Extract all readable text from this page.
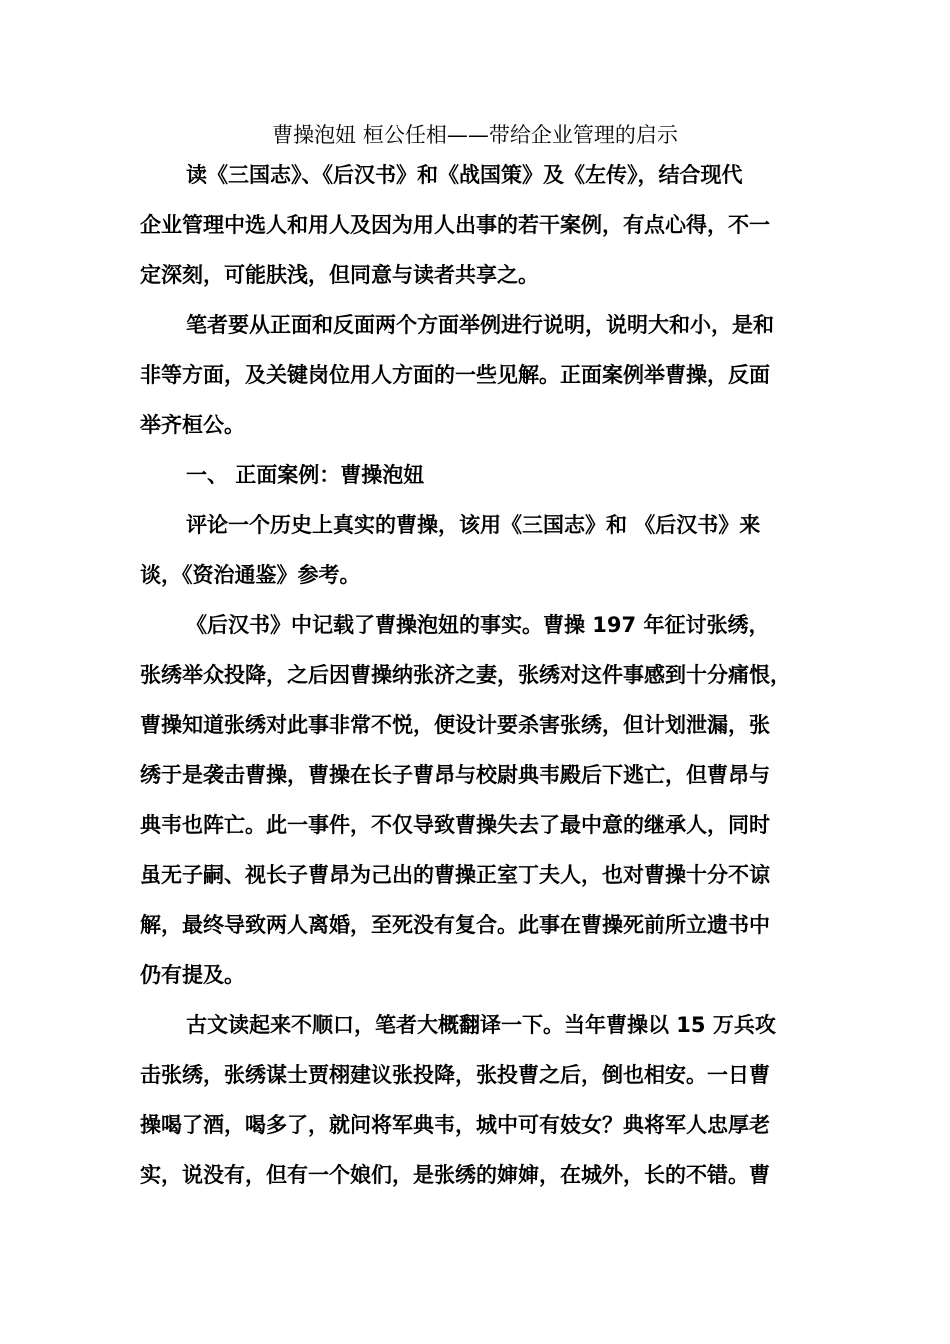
曹操泡妞 桓公任相——带给企业管理的启示
读《三国志》、《后汉书》和《战国策》及《左传》，结合现代
企业管理中选人和用人及因为用人出事的若干案例，有点心得，不一
定深刻，可能肤浅，但同意与读者共享之。
笔者要从正面和反面两个方面举例进行说明，说明大和小，是和
非等方面，及关键岗位用人方面的一些见解。正面案例举曹操，反面
举齐桓公。
一、 正面案例：曹操泡妞
评论一个历史上真实的曹操，该用《三国志》和 《后汉书》来
谈，《资治通鉴》参考。
《后汉书》中记载了曹操泡妞的事实。曹操 197 年征讨张绣，
张绣举众投降，之后因曹操纳张济之妻，张绣对这件事感到十分痛恨，
曹操知道张绣对此事非常不悦，便设计要杀害张绣，但计划泄漏，张
绣于是袭击曹操，曹操在长子曹昂与校尉典韦殿后下逃亡，但曹昂与
典韦也阵亡。此一事件，不仅导致曹操失去了最中意的继承人，同时
虽无子嗣、视长子曹昂为己出的曹操正室丁夫人，也对曹操十分不谅
解，最终导致两人离婚，至死没有复合。此事在曹操死前所立遗书中
仍有提及。
古文读起来不顺口，笔者大概翻译一下。当年曹操以 15 万兵攻
击张绣，张绣谋士贾栩建议张投降，张投曹之后，倒也相安。一日曹
操喝了酒，喝多了，就问将军典韦，城中可有妓女？典将军人忠厚老
实，说没有，但有一个娘们，是张绣的婶婶，在城外，长的不错。曹
